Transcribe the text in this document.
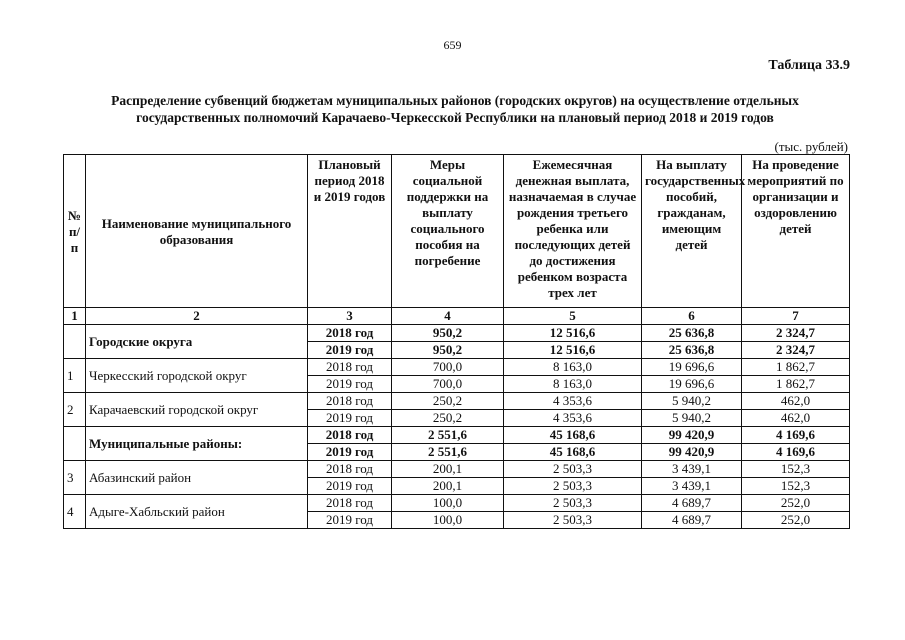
659
Таблица 33.9
Распределение субвенций бюджетам муниципальных районов (городских округов) на осуществление отдельных
государственных полномочий Карачаево-Черкесской Республики на плановый период 2018 и 2019 годов
(тыс. рублей)
№ п/п	Наименование муниципального образования	Плановый период 2018 и 2019 годов	Меры социальной поддержки на выплату социального пособия на погребение	Ежемесячная денежная выплата, назначаемая в случае рождения третьего ребенка или последующих детей до достижения ребенком возраста трех лет	На выплату государственных пособий, гражданам, имеющим детей	На проведение мероприятий по организации и оздоровлению детей
1	2	3	4	5	6	7
	Городские округа	2018 год	950,2	12 516,6	25 636,8	2 324,7
		2019 год	950,2	12 516,6	25 636,8	2 324,7
1	Черкесский городской округ	2018 год	700,0	8 163,0	19 696,6	1 862,7
		2019 год	700,0	8 163,0	19 696,6	1 862,7
2	Карачаевский городской округ	2018 год	250,2	4 353,6	5 940,2	462,0
		2019 год	250,2	4 353,6	5 940,2	462,0
	Муниципальные районы:	2018 год	2 551,6	45 168,6	99 420,9	4 169,6
		2019 год	2 551,6	45 168,6	99 420,9	4 169,6
3	Абазинский район	2018 год	200,1	2 503,3	3 439,1	152,3
		2019 год	200,1	2 503,3	3 439,1	152,3
4	Адыге-Хабльский район	2018 год	100,0	2 503,3	4 689,7	252,0
		2019 год	100,0	2 503,3	4 689,7	252,0
